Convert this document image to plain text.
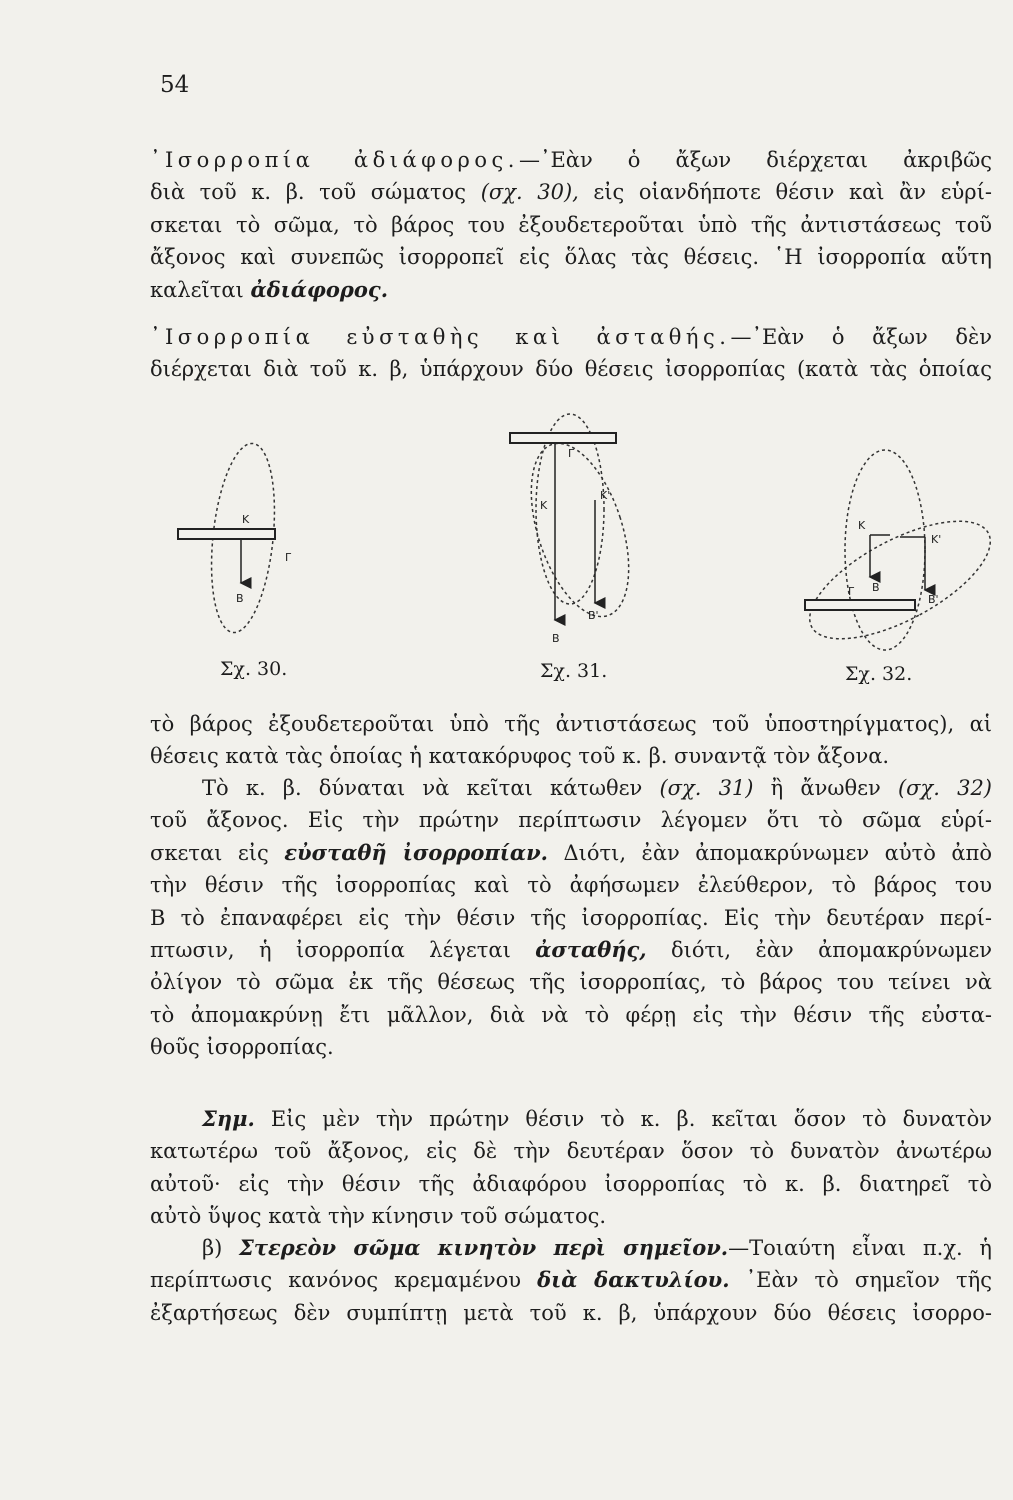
54
᾿Ισορροπία ἀδιάφορος.—᾿Εὰν ὁ ἄξων διέρχεται ἀκριβῶς
διὰ τοῦ κ. β. τοῦ σώματος (σχ. 30), εἰς οἱανδήποτε θέσιν καὶ ἂν εὑρί-
σκεται τὸ σῶμα, τὸ βάρος του ἐξουδετεροῦται ὑπὸ τῆς ἀντιστάσεως τοῦ
ἄξονος καὶ συνεπῶς ἰσορροπεῖ εἰς ὅλας τὰς θέσεις. ῾Η ἰσορροπία αὕτη
καλεῖται ἀδιάφορος.
᾿Ισορροπία εὐσταθὴς καὶ ἀσταθής.—᾿Εὰν ὁ ἄξων δὲν
διέρχεται διὰ τοῦ κ. β, ὑπάρχουν δύο θέσεις ἰσορροπίας (κατὰ τὰς ὁποίας
Κ
Γ
Β
Γ
Κ
Κ'
Β
Β'
Κ
Κ'
Γ Β
Β'
Σχ. 30.	Σχ. 31.	Σχ. 32.
τὸ βάρος ἐξουδετεροῦται ὑπὸ τῆς ἀντιστάσεως τοῦ ὑποστηρίγματος), αἱ
θέσεις κατὰ τὰς ὁποίας ἡ κατακόρυφος τοῦ κ. β. συναντᾷ τὸν ἄξονα.
Τὸ κ. β. δύναται νὰ κεῖται κάτωθεν (σχ. 31) ἢ ἄνωθεν (σχ. 32)
τοῦ ἄξονος. Εἰς τὴν πρώτην περίπτωσιν λέγομεν ὅτι τὸ σῶμα εὑρί-
σκεται εἰς εὐσταθῆ ἰσορροπίαν. Διότι, ἐὰν ἀπομακρύνωμεν αὐτὸ ἀπὸ
τὴν θέσιν τῆς ἰσορροπίας καὶ τὸ ἀφήσωμεν ἐλεύθερον, τὸ βάρος του
Β τὸ ἐπαναφέρει εἰς τὴν θέσιν τῆς ἰσορροπίας. Εἰς τὴν δευτέραν περί-
πτωσιν, ἡ ἰσορροπία λέγεται ἀσταθής, διότι, ἐὰν ἀπομακρύνωμεν
ὀλίγον τὸ σῶμα ἐκ τῆς θέσεως τῆς ἰσορροπίας, τὸ βάρος του τείνει νὰ
τὸ ἀπομακρύνῃ ἔτι μᾶλλον, διὰ νὰ τὸ φέρῃ εἰς τὴν θέσιν τῆς εὐστα-
θοῦς ἰσορροπίας.
Σημ. Εἰς μὲν τὴν πρώτην θέσιν τὸ κ. β. κεῖται ὅσον τὸ δυνατὸν
κατωτέρω τοῦ ἄξονος, εἰς δὲ τὴν δευτέραν ὅσον τὸ δυνατὸν ἀνωτέρω
αὐτοῦ· εἰς τὴν θέσιν τῆς ἀδιαφόρου ἰσορροπίας τὸ κ. β. διατηρεῖ τὸ
αὐτὸ ὕψος κατὰ τὴν κίνησιν τοῦ σώματος.
β) Στερεὸν σῶμα κινητὸν περὶ σημεῖον.—Τοιαύτη εἶναι π.χ. ἡ
περίπτωσις κανόνος κρεμαμένου διὰ δακτυλίου. ᾿Εὰν τὸ σημεῖον τῆς
ἐξαρτήσεως δὲν συμπίπτῃ μετὰ τοῦ κ. β, ὑπάρχουν δύο θέσεις ἰσορρο-
